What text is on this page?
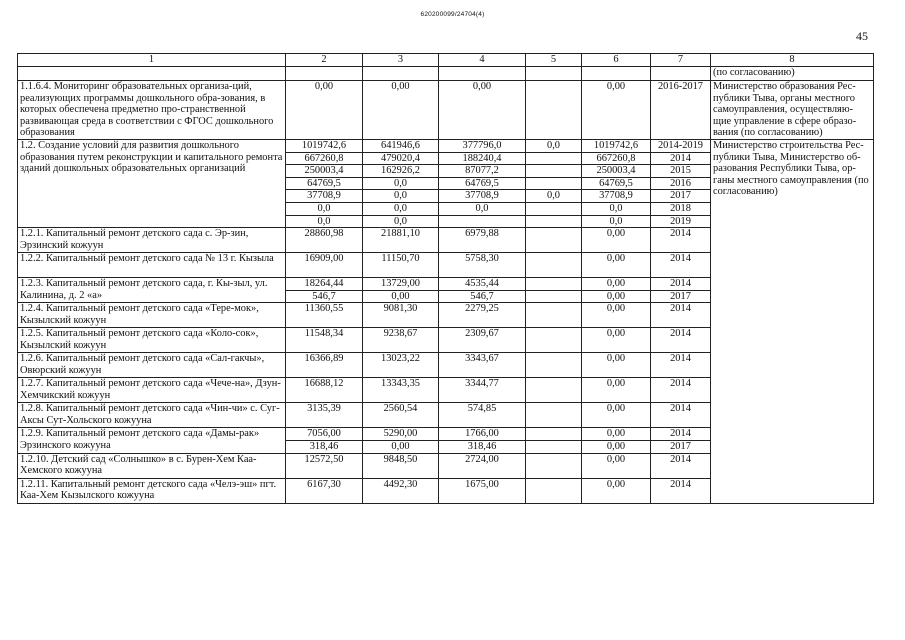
620200099/24704(4)
45
1	2	3	4	5	6	7	8
							(по согласованию)
1.1.6.4. Мониторинг образовательных организа-ций, реализующих программы дошкольного обра-зования, в которых обеспечена предметно про-странственной развивающая среда в соответствии с ФГОС дошкольного образования	0,00	0,00	0,00		0,00	2016-2017	Министерство образования Рес-публики Тыва, органы местного самоуправления, осуществляю-щие управление в сфере образо-вания (по согласованию)
1.2. Создание условий для развития дошкольного образования путем реконструкции и капитального ремонта зданий дошкольных образовательных организаций	1019742,6	641946,6	377796,0	0,0	1019742,6	2014-2019	Министерство строительства Рес-публики Тыва, Министерство об-разования Республики Тыва, ор-ганы местного самоуправления (по согласованию)
	667260,8	479020,4	188240,4		667260,8	2014	
	250003,4	162926,2	87077,2		250003,4	2015	
	64769,5	0,0	64769,5		64769,5	2016	
	37708,9	0,0	37708,9	0,0	37708,9	2017	
	0,0	0,0	0,0		0,0	2018	
	0,0	0,0			0,0	2019	
1.2.1. Капитальный ремонт детского сада с. Эр-зин, Эрзинский кожуун	28860,98	21881,10	6979,88		0,00	2014	
1.2.2. Капитальный ремонт детского сада № 13 г. Кызыла	16909,00	11150,70	5758,30		0,00	2014	
1.2.3. Капитальный ремонт детского сада, г. Кы-зыл, ул. Калинина, д. 2 «а»	18264,44	13729,00	4535,44		0,00	2014	
	546,7	0,00	546,7		0,00	2017	
1.2.4. Капитальный ремонт детского сада «Тере-мок», Кызылский кожуун	11360,55	9081,30	2279,25		0,00	2014	
1.2.5. Капитальный ремонт детского сада «Коло-сок», Кызылский кожуун	11548,34	9238,67	2309,67		0,00	2014	
1.2.6. Капитальный ремонт детского сада «Сал-гакчы», Овюрский кожуун	16366,89	13023,22	3343,67		0,00	2014	
1.2.7. Капитальный ремонт детского сада «Чече-на», Дзун-Хемчикский кожуун	16688,12	13343,35	3344,77		0,00	2014	
1.2.8. Капитальный ремонт детского сада «Чин-чи» с. Суг-Аксы Сут-Хольского кожууна	3135,39	2560,54	574,85		0,00	2014	
1.2.9. Капитальный ремонт детского сада «Дамы-рак» Эрзинского кожууна	7056,00	5290,00	1766,00		0,00	2014	
	318,46	0,00	318,46		0,00	2017	
1.2.10. Детский сад «Солнышко» в с. Бурен-Хем Каа-Хемского кожууна	12572,50	9848,50	2724,00		0,00	2014	
1.2.11. Капитальный ремонт детского сада «Челэ-эш» пгт. Каа-Хем Кызылского кожууна	6167,30	4492,30	1675,00		0,00	2014	
